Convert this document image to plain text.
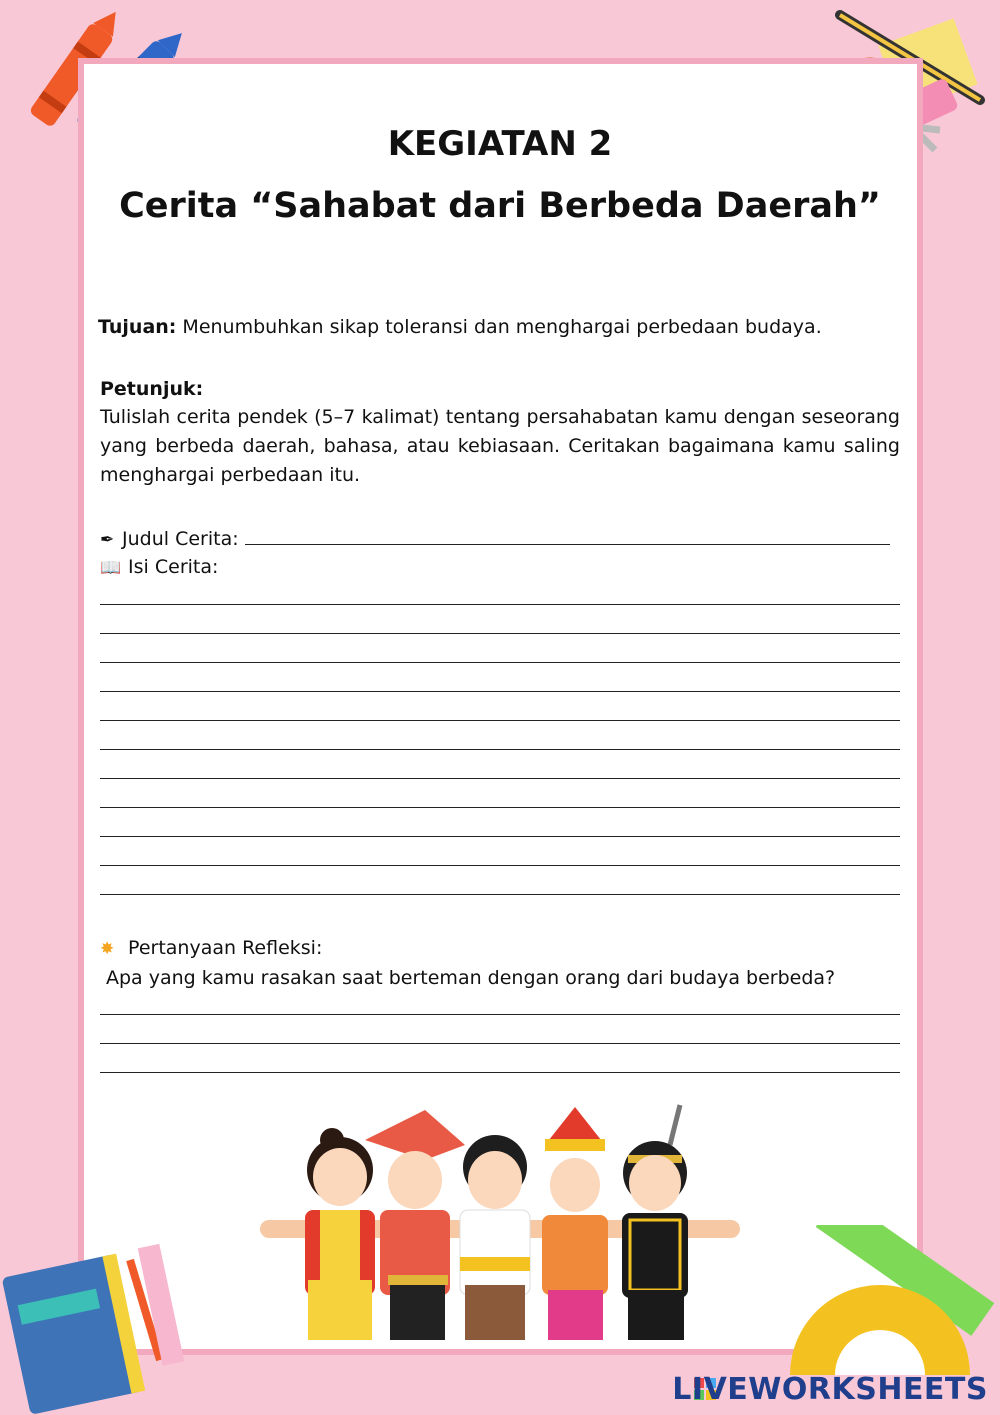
KEGIATAN 2
Cerita “Sahabat dari Berbeda Daerah”
Tujuan: Menumbuhkan sikap toleransi dan menghargai perbedaan budaya.
Petunjuk:
Tulislah cerita pendek (5–7 kalimat) tentang persahabatan kamu dengan seseorang yang berbeda daerah, bahasa, atau kebiasaan. Ceritakan bagaimana kamu saling menghargai perbedaan itu.
✒ Judul Cerita:
📖 Isi Cerita:
✸ Pertanyaan Refleksi:
Apa yang kamu rasakan saat berteman dengan orang dari budaya berbeda?
LIVEWORKSHEETS
